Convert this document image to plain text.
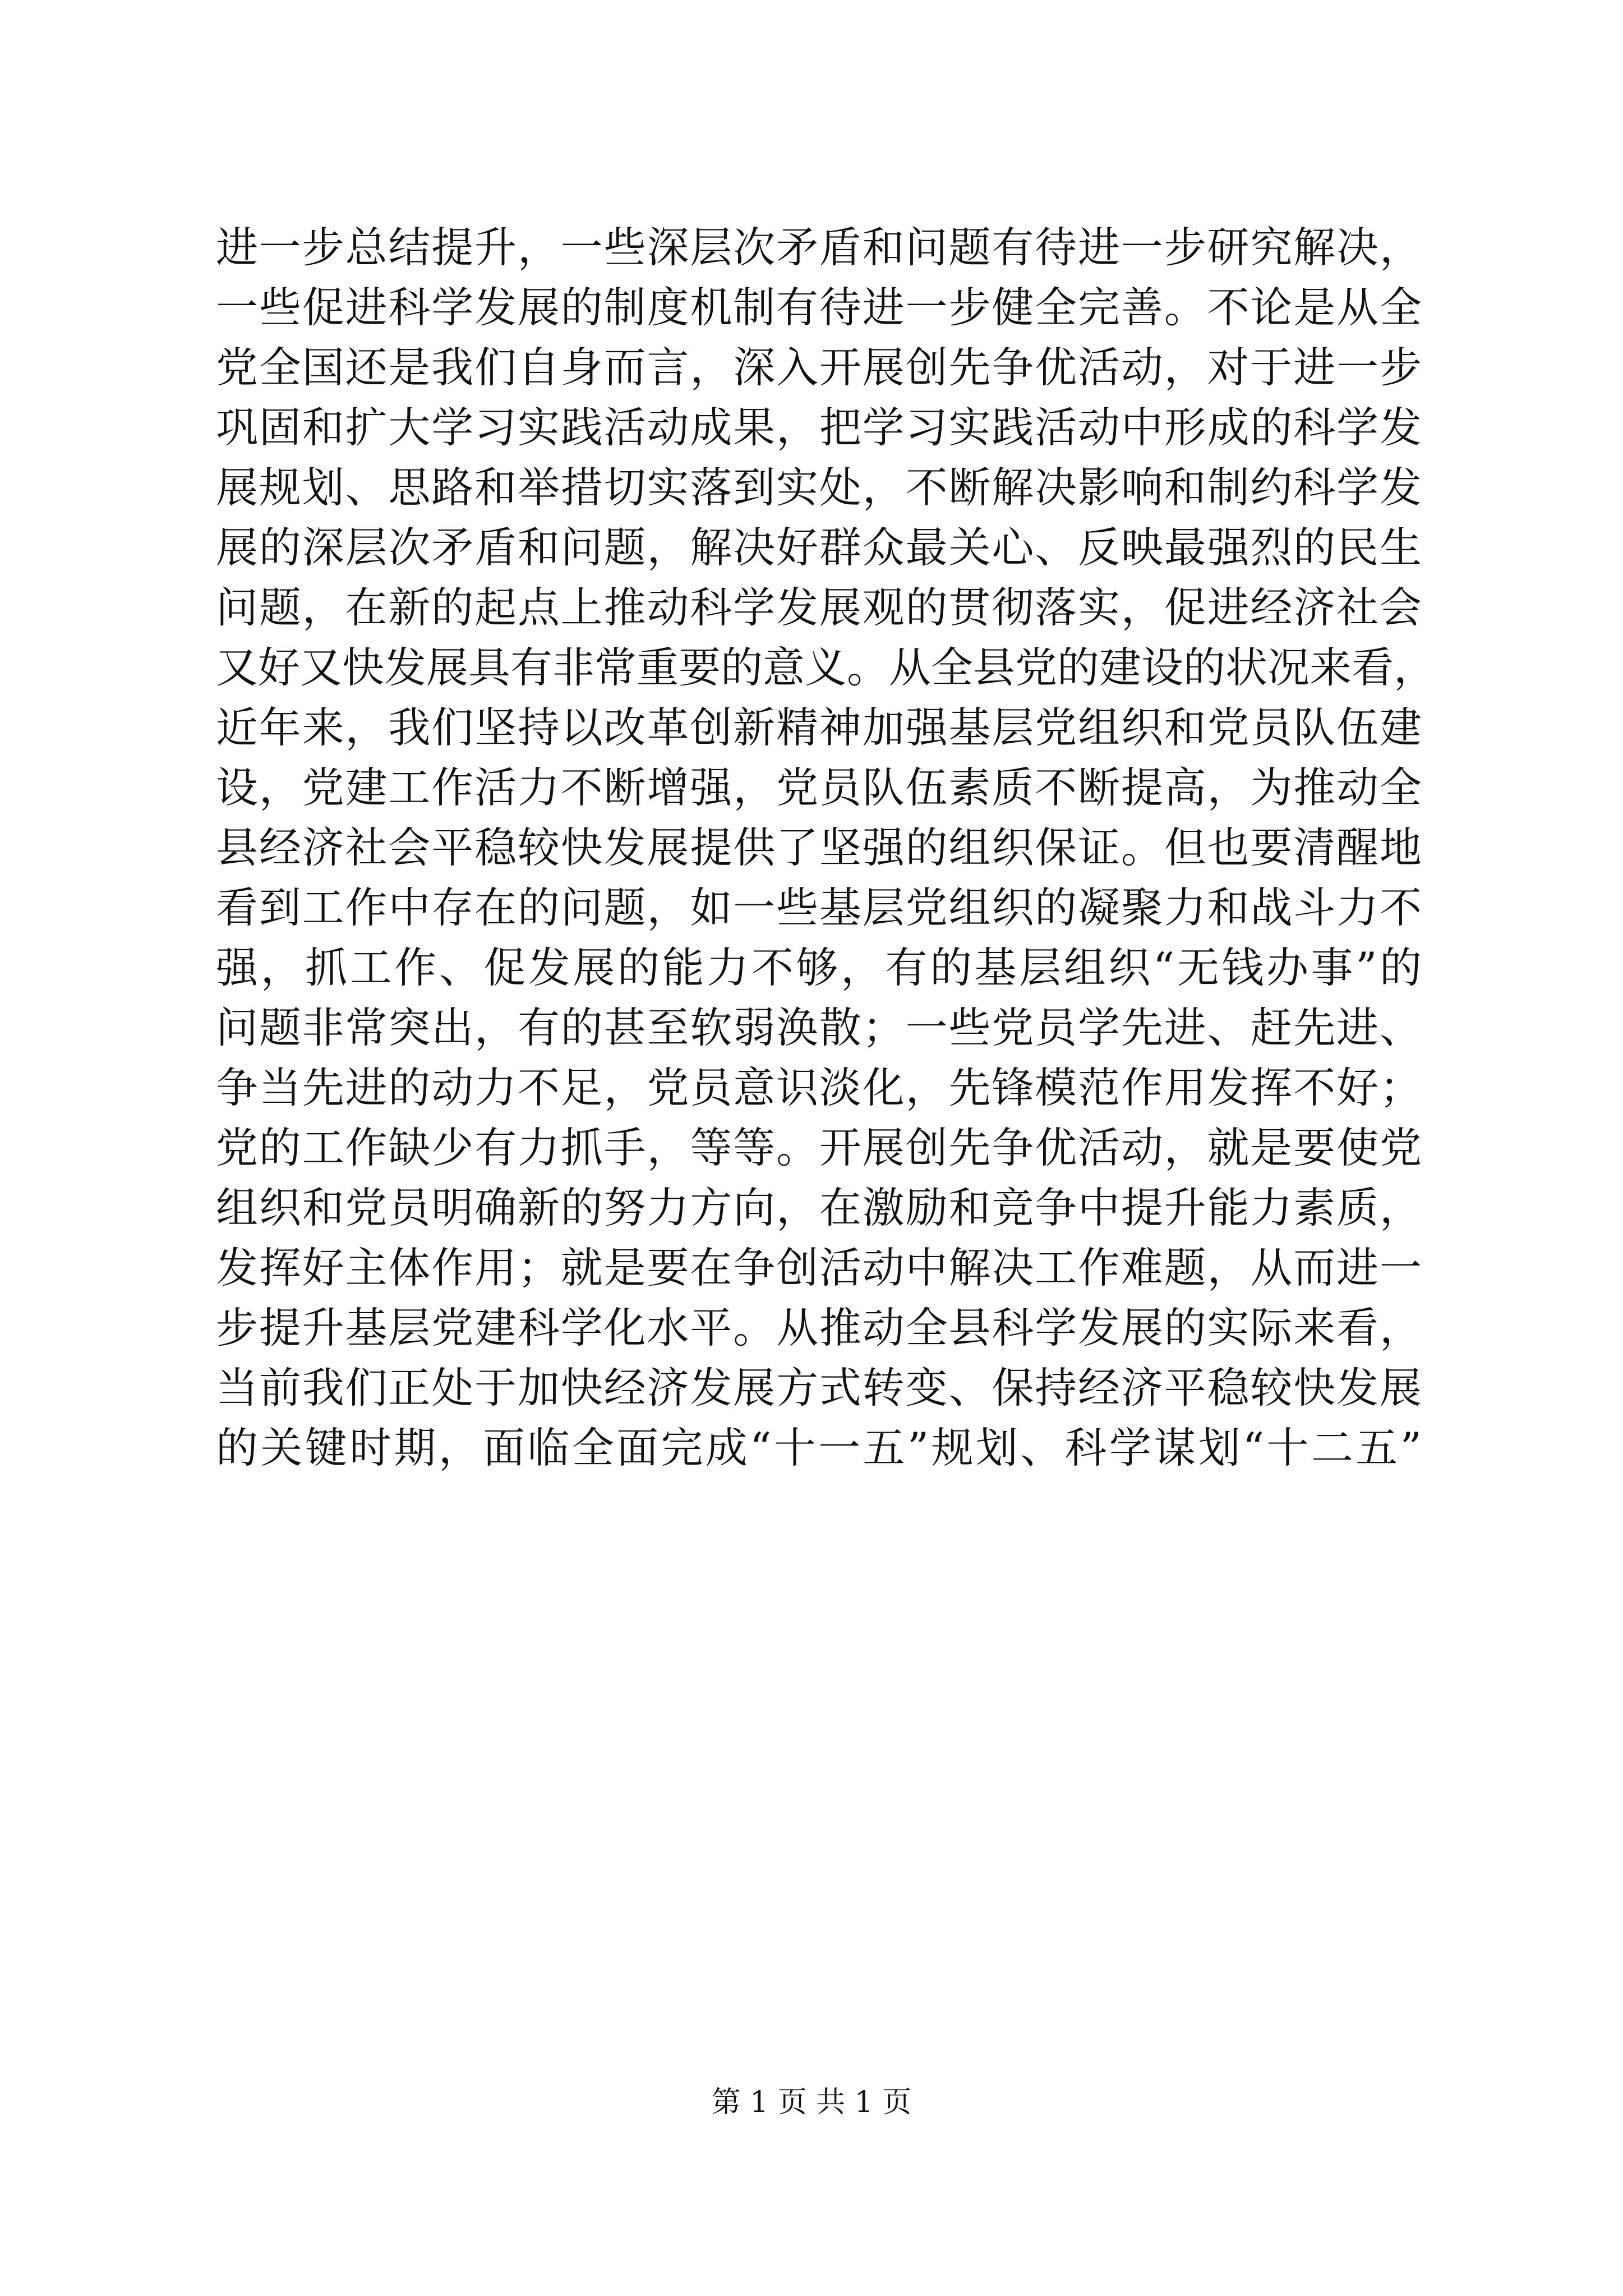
进一步总结提升，一些深层次矛盾和问题有待进一步研究解决，
一些促进科学发展的制度机制有待进一步健全完善。不论是从全
党全国还是我们自身而言，深入开展创先争优活动，对于进一步
巩固和扩大学习实践活动成果，把学习实践活动中形成的科学发
展规划、思路和举措切实落到实处，不断解决影响和制约科学发
展的深层次矛盾和问题，解决好群众最关心、反映最强烈的民生
问题，在新的起点上推动科学发展观的贯彻落实，促进经济社会
又好又快发展具有非常重要的意义。从全县党的建设的状况来看，
近年来，我们坚持以改革创新精神加强基层党组织和党员队伍建
设，党建工作活力不断增强，党员队伍素质不断提高，为推动全
县经济社会平稳较快发展提供了坚强的组织保证。但也要清醒地
看到工作中存在的问题，如一些基层党组织的凝聚力和战斗力不
强，抓工作、促发展的能力不够，有的基层组织“无钱办事”的
问题非常突出，有的甚至软弱涣散；一些党员学先进、赶先进、
争当先进的动力不足，党员意识淡化，先锋模范作用发挥不好；
党的工作缺少有力抓手，等等。开展创先争优活动，就是要使党
组织和党员明确新的努力方向，在激励和竞争中提升能力素质，
发挥好主体作用；就是要在争创活动中解决工作难题，从而进一
步提升基层党建科学化水平。从推动全县科学发展的实际来看，
当前我们正处于加快经济发展方式转变、保持经济平稳较快发展
的关键时期，面临全面完成“十一五”规划、科学谋划“十二五”
第 1 页 共 1 页
